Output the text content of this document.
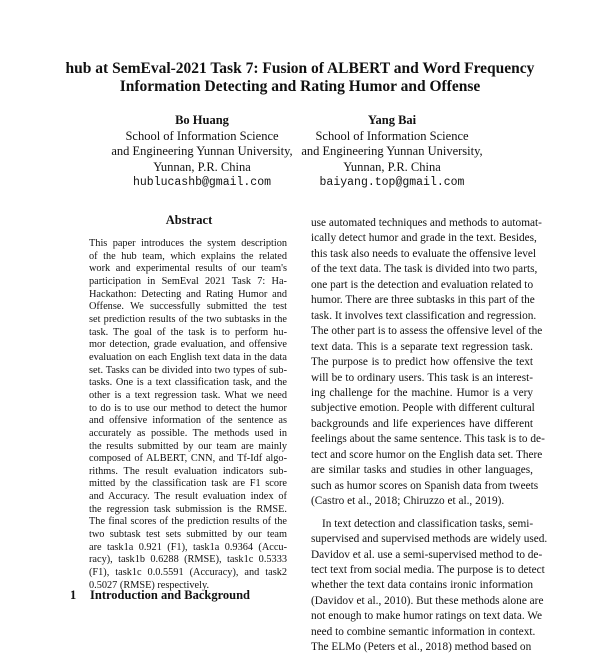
hub at SemEval-2021 Task 7: Fusion of ALBERT and Word Frequency
Information Detecting and Rating Humor and Offense
Bo Huang
School of Information Science
and Engineering Yunnan University,
Yunnan, P.R. China
hublucashb@gmail.com
Yang Bai
School of Information Science
and Engineering Yunnan University,
Yunnan, P.R. China
baiyang.top@gmail.com
Abstract
This paper introduces the system description
of the hub team, which explains the related
work and experimental results of our team's
participation in SemEval 2021 Task 7: Ha-
Hackathon: Detecting and Rating Humor and
Offense. We successfully submitted the test
set prediction results of the two subtasks in the
task. The goal of the task is to perform hu-
mor detection, grade evaluation, and offensive
evaluation on each English text data in the data
set. Tasks can be divided into two types of sub-
tasks. One is a text classification task, and the
other is a text regression task. What we need
to do is to use our method to detect the humor
and offensive information of the sentence as
accurately as possible. The methods used in
the results submitted by our team are mainly
composed of ALBERT, CNN, and Tf-Idf algo-
rithms. The result evaluation indicators sub-
mitted by the classification task are F1 score
and Accuracy. The result evaluation index of
the regression task submission is the RMSE.
The final scores of the prediction results of the
two subtask test sets submitted by our team
are task1a 0.921 (F1), task1a 0.9364 (Accu-
racy), task1b 0.6288 (RMSE), task1c 0.5333
(F1), task1c 0.0.5591 (Accuracy), and task2
0.5027 (RMSE) respectively.
use automated techniques and methods to automat-
ically detect humor and grade in the text. Besides,
this task also needs to evaluate the offensive level
of the text data. The task is divided into two parts,
one part is the detection and evaluation related to
humor. There are three subtasks in this part of the
task. It involves text classification and regression.
The other part is to assess the offensive level of the
text data. This is a separate text regression task.
The purpose is to predict how offensive the text
will be to ordinary users. This task is an interest-
ing challenge for the machine. Humor is a very
subjective emotion. People with different cultural
backgrounds and life experiences have different
feelings about the same sentence. This task is to de-
tect and score humor on the English data set. There
are similar tasks and studies in other languages,
such as humor scores on Spanish data from tweets
(Castro et al., 2018; Chiruzzo et al., 2019).
In text detection and classification tasks, semi-
supervised and supervised methods are widely used.
Davidov et al. use a semi-supervised method to de-
tect text from social media. The purpose is to detect
whether the text data contains ironic information
(Davidov et al., 2010). But these methods alone are
not enough to make humor ratings on text data. We
need to combine semantic information in context.
The ELMo (Peters et al., 2018) method based on
1 Introduction and Background
